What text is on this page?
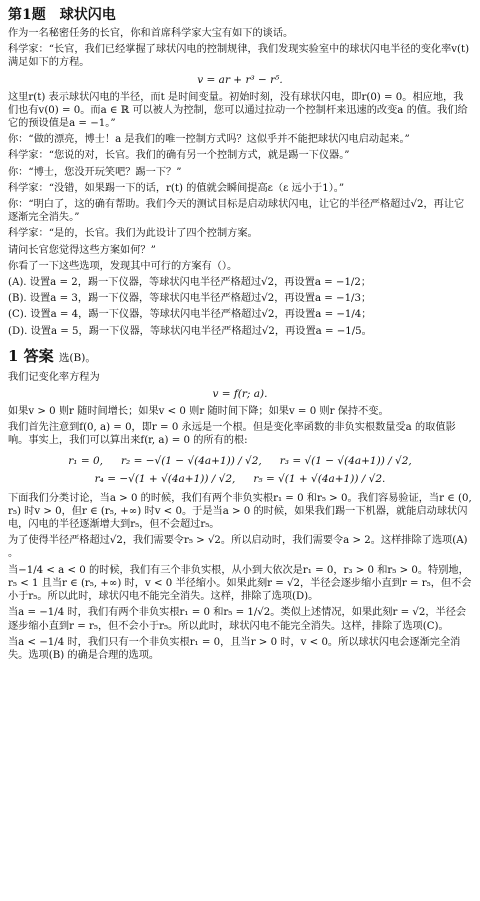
第1题　球状闪电

作为一名秘密任务的长官，你和首席科学家大宝有如下的谈话。

科学家：“长官，我们已经掌握了球状闪电的控制规律，我们发现实验室中的球状闪电半径的变化率v(t) 满足如下的方程。

v = ar + r³ − r⁵.

这里r(t) 表示球状闪电的半径，而t 是时间变量。初始时刻，没有球状闪电，即r(0) = 0。相应地，我们也有v(0) = 0。而a ∈ ℝ 可以被人为控制，您可以通过拉动一个控制杆来迅速的改变a 的值。我们给它的预设值是a = −1。”

你：“做的漂亮，博士！a 是我们的唯一控制方式吗？这似乎并不能把球状闪电启动起来。”

科学家：“您说的对，长官。我们的确有另一个控制方式，就是踢一下仪器。”

你：“博士，您没开玩笑吧？踢一下？”

科学家：“没错，如果踢一下的话，r(t) 的值就会瞬间提高ε（ε 远小于1）。”

你：“明白了，这的确有帮助。我们今天的测试目标是启动球状闪电，让它的半径严格超过√2，再让它逐渐完全消失。”

科学家：“是的，长官。我们为此设计了四个控制方案。

请问长官您觉得这些方案如何？”

你看了一下这些选项，发现其中可行的方案有（）。

(A). 设置a = 2，踢一下仪器，等球状闪电半径严格超过√2，再设置a = −1/2；

(B). 设置a = 3，踢一下仪器，等球状闪电半径严格超过√2，再设置a = −1/3；

(C). 设置a = 4，踢一下仪器，等球状闪电半径严格超过√2，再设置a = −1/4；

(D). 设置a = 5，踢一下仪器，等球状闪电半径严格超过√2，再设置a = −1/5。

1 答案 选(B)。

我们记变化率方程为

v = f(r; a).

如果v > 0 则r 随时间增长；如果v < 0 则r 随时间下降；如果v = 0 则r 保持不变。

我们首先注意到f(0, a) = 0，即r = 0 永远是一个根。但是变化率函数的非负实根数量受a 的取值影响。事实上，我们可以算出来f(r, a) = 0 的所有的根:

r₁ = 0, r₂ = −√(1 − √(4a+1)) / √2, r₃ = √(1 − √(4a+1)) / √2,
r₄ = −√(1 + √(4a+1)) / √2, r₅ = √(1 + √(4a+1)) / √2.

下面我们分类讨论，当a > 0 的时候，我们有两个非负实根r₁ = 0 和r₅ > 0。我们容易验证，当r ∈ (0, r₅) 时v > 0，但r ∈ (r₅, +∞) 时v < 0。于是当a > 0 的时候，如果我们踢一下机器，就能启动球状闪电，闪电的半径逐渐增大到r₅，但不会超过r₅。

为了使得半径严格超过√2，我们需要令r₅ > √2。所以启动时，我们需要令a > 2。这样排除了选项(A) 。

当−1/4 < a < 0 的时候，我们有三个非负实根，从小到大依次是r₁ = 0，r₃ > 0 和r₅ > 0。特别地，r₅ < 1 且当r ∈ (r₅, +∞) 时，v < 0 半径缩小。如果此刻r = √2，半径会逐步缩小直到r = r₅，但不会小于r₅。所以此时，球状闪电不能完全消失。这样，排除了选项(D)。

当a = −1/4 时，我们有两个非负实根r₁ = 0 和r₅ = 1/√2。类似上述情况，如果此刻r = √2，半径会逐步缩小直到r = r₅，但不会小于r₅。所以此时，球状闪电不能完全消失。这样，排除了选项(C)。

当a < −1/4 时，我们只有一个非负实根r₁ = 0，且当r > 0 时，v < 0。所以球状闪电会逐渐完全消失。选项(B) 的确是合理的选项。
